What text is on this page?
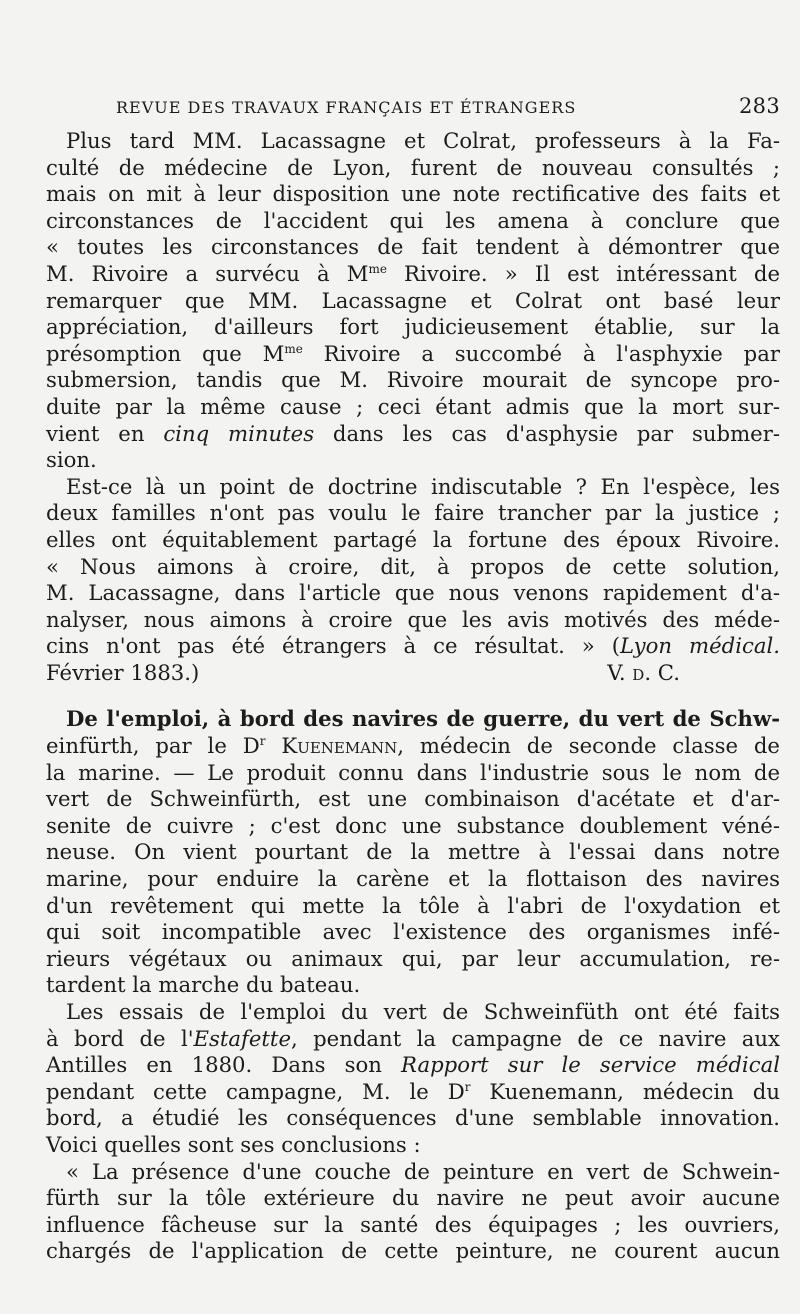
REVUE DES TRAVAUX FRANÇAIS ET ÉTRANGERS	283

Plus tard MM. Lacassagne et Colrat, professeurs à la Fa-

culté de médecine de Lyon, furent de nouveau consultés ;

mais on mit à leur disposition une note rectificative des faits et

circonstances de l'accident qui les amena à conclure que

« toutes les circonstances de fait tendent à démontrer que

M. Rivoire a survécu à $M^{me}$ Rivoire. » Il est intéressant de

remarquer que MM. Lacassagne et Colrat ont basé leur

appréciation, d'ailleurs fort judicieusement établie, sur la

présomption que $M^{me}$ Rivoire a succombé à l'asphyxie par

submersion, tandis que M. Rivoire mourait de syncope pro-

duite par la même cause ; ceci étant admis que la mort sur-

vient en cinq minutes dans les cas d'asphysie par submer-

sion.

Est-ce là un point de doctrine indiscutable ? En l'espèce, les

deux familles n'ont pas voulu le faire trancher par la justice ;

elles ont équitablement partagé la fortune des époux Rivoire.

« Nous aimons à croire, dit, à propos de cette solution,

M. Lacassagne, dans l'article que nous venons rapidement d'a-

nalyser, nous aimons à croire que les avis motivés des méde-

cins n'ont pas été étrangers à ce résultat. » (Lyon médical.

Février 1883.)	V. d. C.

De l'emploi, à bord des navires de guerre, du vert de Schw-

einfürth, par le $D^r$ Kuenemann, médecin de seconde classe de

la marine. — Le produit connu dans l'industrie sous le nom de

vert de Schweinfürth, est une combinaison d'acétate et d'ar-

senite de cuivre ; c'est donc une substance doublement véné-

neuse. On vient pourtant de la mettre à l'essai dans notre

marine, pour enduire la carène et la flottaison des navires

d'un revêtement qui mette la tôle à l'abri de l'oxydation et

qui soit incompatible avec l'existence des organismes infé-

rieurs végétaux ou animaux qui, par leur accumulation, re-

tardent la marche du bateau.

Les essais de l'emploi du vert de Schweinfüth ont été faits

à bord de l'Estafette, pendant la campagne de ce navire aux

Antilles en 1880. Dans son Rapport sur le service médical

pendant cette campagne, M. le $D^r$ Kuenemann, médecin du

bord, a étudié les conséquences d'une semblable innovation.

Voici quelles sont ses conclusions :

« La présence d'une couche de peinture en vert de Schwein-

fürth sur la tôle extérieure du navire ne peut avoir aucune

influence fâcheuse sur la santé des équipages ; les ouvriers,

chargés de l'application de cette peinture, ne courent aucun
